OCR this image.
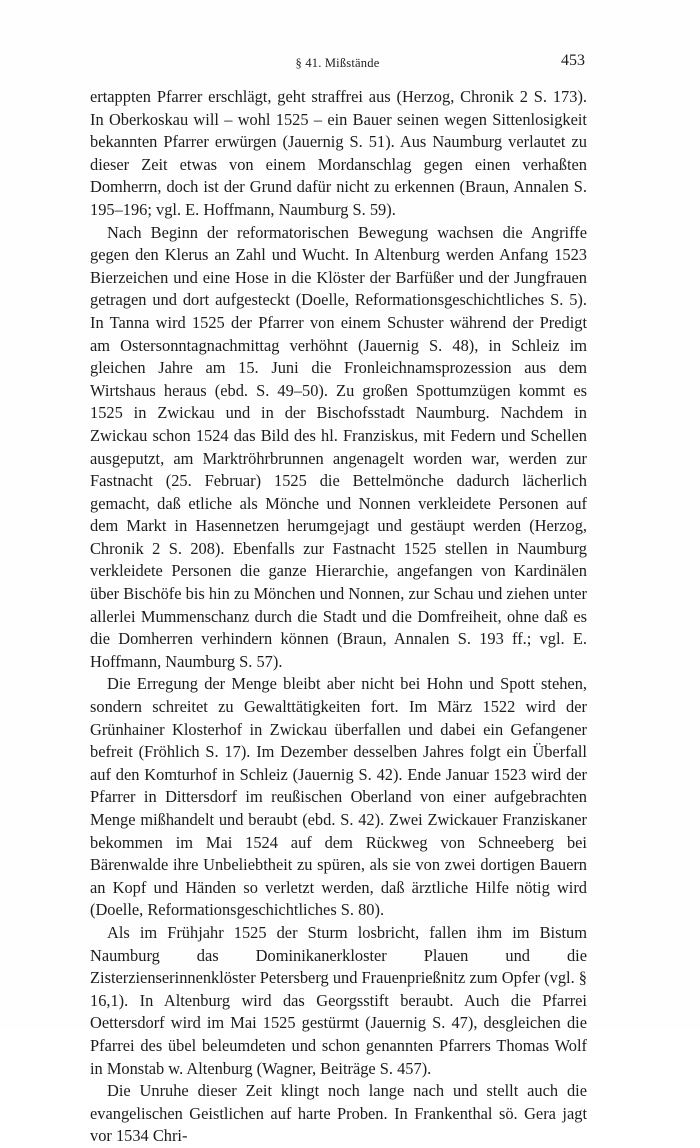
§ 41. Mißstände	453

ertappten Pfarrer erschlägt, geht straffrei aus (Herzog, Chronik 2 S. 173). In Oberkoskau will – wohl 1525 – ein Bauer seinen wegen Sittenlosigkeit bekannten Pfarrer erwürgen (Jauernig S. 51). Aus Naumburg verlautet zu dieser Zeit etwas von einem Mordanschlag gegen einen verhaßten Domherrn, doch ist der Grund dafür nicht zu erkennen (Braun, Annalen S. 195–196; vgl. E. Hoffmann, Naumburg S. 59).

Nach Beginn der reformatorischen Bewegung wachsen die Angriffe gegen den Klerus an Zahl und Wucht. In Altenburg werden Anfang 1523 Bierzeichen und eine Hose in die Klöster der Barfüßer und der Jungfrauen getragen und dort aufgesteckt (Doelle, Reformationsgeschichtliches S. 5). In Tanna wird 1525 der Pfarrer von einem Schuster während der Predigt am Ostersonntagnachmittag verhöhnt (Jauernig S. 48), in Schleiz im gleichen Jahre am 15. Juni die Fronleichnamsprozession aus dem Wirtshaus heraus (ebd. S. 49–50). Zu großen Spottumzügen kommt es 1525 in Zwickau und in der Bischofsstadt Naumburg. Nachdem in Zwickau schon 1524 das Bild des hl. Franziskus, mit Federn und Schellen ausgeputzt, am Marktröhrbrunnen angenagelt worden war, werden zur Fastnacht (25. Februar) 1525 die Bettelmönche dadurch lächerlich gemacht, daß etliche als Mönche und Nonnen verkleidete Personen auf dem Markt in Hasennetzen herumgejagt und gestäupt werden (Herzog, Chronik 2 S. 208). Ebenfalls zur Fastnacht 1525 stellen in Naumburg verkleidete Personen die ganze Hierarchie, angefangen von Kardinälen über Bischöfe bis hin zu Mönchen und Nonnen, zur Schau und ziehen unter allerlei Mummenschanz durch die Stadt und die Domfreiheit, ohne daß es die Domherren verhindern können (Braun, Annalen S. 193 ff.; vgl. E. Hoffmann, Naumburg S. 57).

Die Erregung der Menge bleibt aber nicht bei Hohn und Spott stehen, sondern schreitet zu Gewalttätigkeiten fort. Im März 1522 wird der Grünhainer Klosterhof in Zwickau überfallen und dabei ein Gefangener befreit (Fröhlich S. 17). Im Dezember desselben Jahres folgt ein Überfall auf den Komturhof in Schleiz (Jauernig S. 42). Ende Januar 1523 wird der Pfarrer in Dittersdorf im reußischen Oberland von einer aufgebrachten Menge mißhandelt und beraubt (ebd. S. 42). Zwei Zwickauer Franziskaner bekommen im Mai 1524 auf dem Rückweg von Schneeberg bei Bärenwalde ihre Unbeliebtheit zu spüren, als sie von zwei dortigen Bauern an Kopf und Händen so verletzt werden, daß ärztliche Hilfe nötig wird (Doelle, Reformationsgeschichtliches S. 80).

Als im Frühjahr 1525 der Sturm losbricht, fallen ihm im Bistum Naumburg das Dominikanerkloster Plauen und die Zisterzienserinnenklöster Petersberg und Frauenprießnitz zum Opfer (vgl. § 16,1). In Altenburg wird das Georgsstift beraubt. Auch die Pfarrei Oettersdorf wird im Mai 1525 gestürmt (Jauernig S. 47), desgleichen die Pfarrei des übel beleumdeten und schon genannten Pfarrers Thomas Wolf in Monstab w. Altenburg (Wagner, Beiträge S. 457).

Die Unruhe dieser Zeit klingt noch lange nach und stellt auch die evangelischen Geistlichen auf harte Proben. In Frankenthal sö. Gera jagt vor 1534 Chri-
